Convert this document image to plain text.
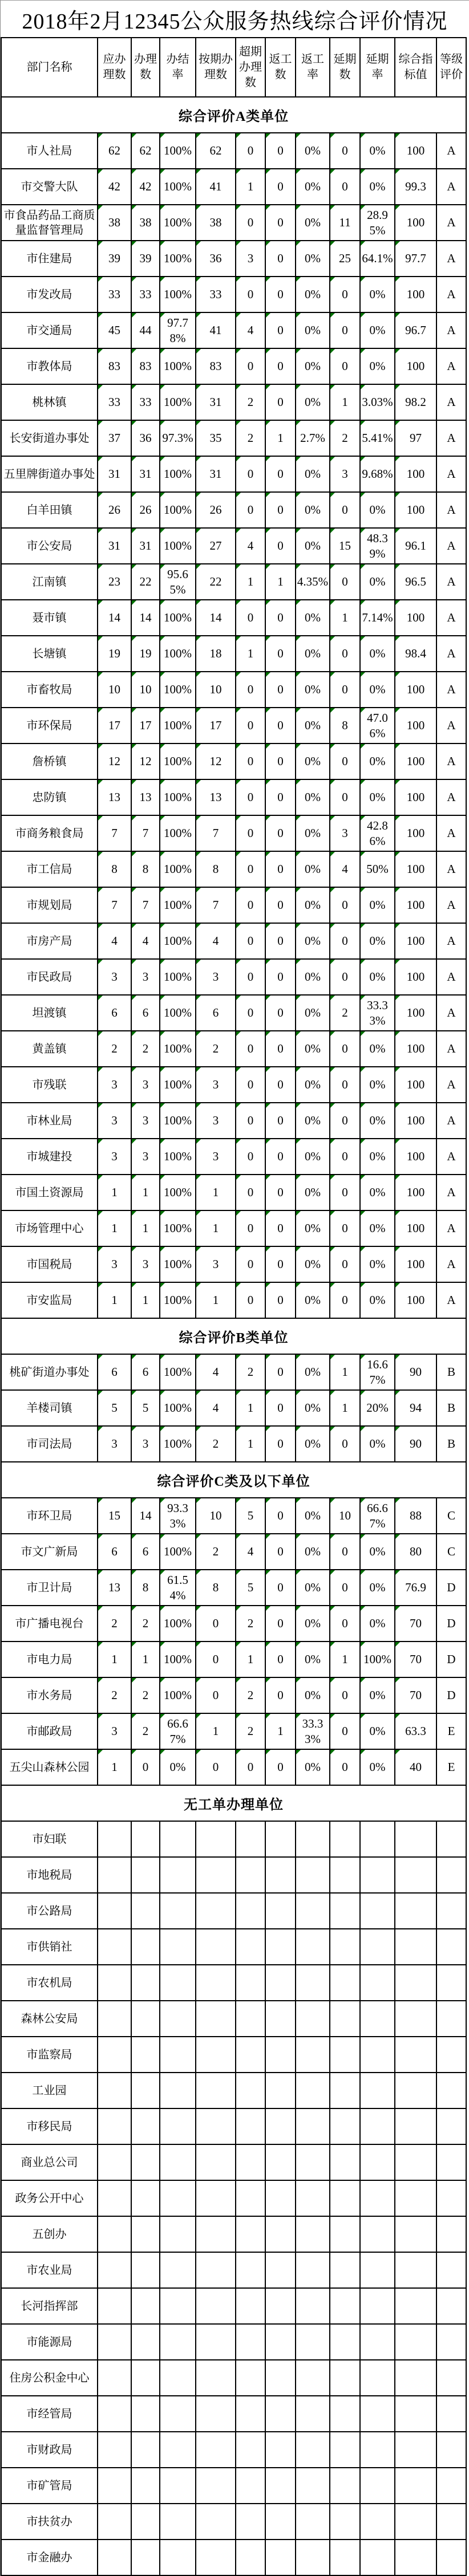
2018年2月12345公众服务热线综合评价情况
部门名称	应办理数	办理数	办结率	按期办理数	超期办理数	返工数	返工率	延期数	延期率	综合指标值	等级评价
综合评价A类单位											
市人社局	62	62	100%	62	0	0	0%	0	0%	100	A
市交警大队	42	42	100%	41	1	0	0%	0	0%	99.3	A
市食品药品工商质量监督管理局	38	38	100%	38	0	0	0%	11	28.95%	100	A
市住建局	39	39	100%	36	3	0	0%	25	64.1%	97.7	A
市发改局	33	33	100%	33	0	0	0%	0	0%	100	A
市交通局	45	44	97.78%	41	4	0	0%	0	0%	96.7	A
市教体局	83	83	100%	83	0	0	0%	0	0%	100	A
桃林镇	33	33	100%	31	2	0	0%	1	3.03%	98.2	A
长安街道办事处	37	36	97.3%	35	2	1	2.7%	2	5.41%	97	A
五里牌街道办事处	31	31	100%	31	0	0	0%	3	9.68%	100	A
白羊田镇	26	26	100%	26	0	0	0%	0	0%	100	A
市公安局	31	31	100%	27	4	0	0%	15	48.39%	96.1	A
江南镇	23	22	95.65%	22	1	1	4.35%	0	0%	96.5	A
聂市镇	14	14	100%	14	0	0	0%	1	7.14%	100	A
长塘镇	19	19	100%	18	1	0	0%	0	0%	98.4	A
市畜牧局	10	10	100%	10	0	0	0%	0	0%	100	A
市环保局	17	17	100%	17	0	0	0%	8	47.06%	100	A
詹桥镇	12	12	100%	12	0	0	0%	0	0%	100	A
忠防镇	13	13	100%	13	0	0	0%	0	0%	100	A
市商务粮食局	7	7	100%	7	0	0	0%	3	42.86%	100	A
市工信局	8	8	100%	8	0	0	0%	4	50%	100	A
市规划局	7	7	100%	7	0	0	0%	0	0%	100	A
市房产局	4	4	100%	4	0	0	0%	0	0%	100	A
市民政局	3	3	100%	3	0	0	0%	0	0%	100	A
坦渡镇	6	6	100%	6	0	0	0%	2	33.33%	100	A
黄盖镇	2	2	100%	2	0	0	0%	0	0%	100	A
市残联	3	3	100%	3	0	0	0%	0	0%	100	A
市林业局	3	3	100%	3	0	0	0%	0	0%	100	A
市城建投	3	3	100%	3	0	0	0%	0	0%	100	A
市国土资源局	1	1	100%	1	0	0	0%	0	0%	100	A
市场管理中心	1	1	100%	1	0	0	0%	0	0%	100	A
市国税局	3	3	100%	3	0	0	0%	0	0%	100	A
市安监局	1	1	100%	1	0	0	0%	0	0%	100	A
综合评价B类单位											
桃矿街道办事处	6	6	100%	4	2	0	0%	1	16.67%	90	B
羊楼司镇	5	5	100%	4	1	0	0%	1	20%	94	B
市司法局	3	3	100%	2	1	0	0%	0	0%	90	B
综合评价C类及以下单位											
市环卫局	15	14	93.33%	10	5	0	0%	10	66.67%	88	C
市文广新局	6	6	100%	2	4	0	0%	0	0%	80	C
市卫计局	13	8	61.54%	8	5	0	0%	0	0%	76.9	D
市广播电视台	2	2	100%	0	2	0	0%	0	0%	70	D
市电力局	1	1	100%	0	1	0	0%	1	100%	70	D
市水务局	2	2	100%	0	2	0	0%	0	0%	70	D
市邮政局	3	2	66.67%	1	2	1	33.33%	0	0%	63.3	E
五尖山森林公园	1	0	0%	0	0	0	0%	0	0%	40	E
无工单办理单位											
市妇联											
市地税局											
市公路局											
市供销社											
市农机局											
森林公安局											
市监察局											
工业园											
市移民局											
商业总公司											
政务公开中心											
五创办											
市农业局											
长河指挥部											
市能源局											
住房公积金中心											
市经管局											
市财政局											
市矿管局											
市扶贫办											
市金融办											
